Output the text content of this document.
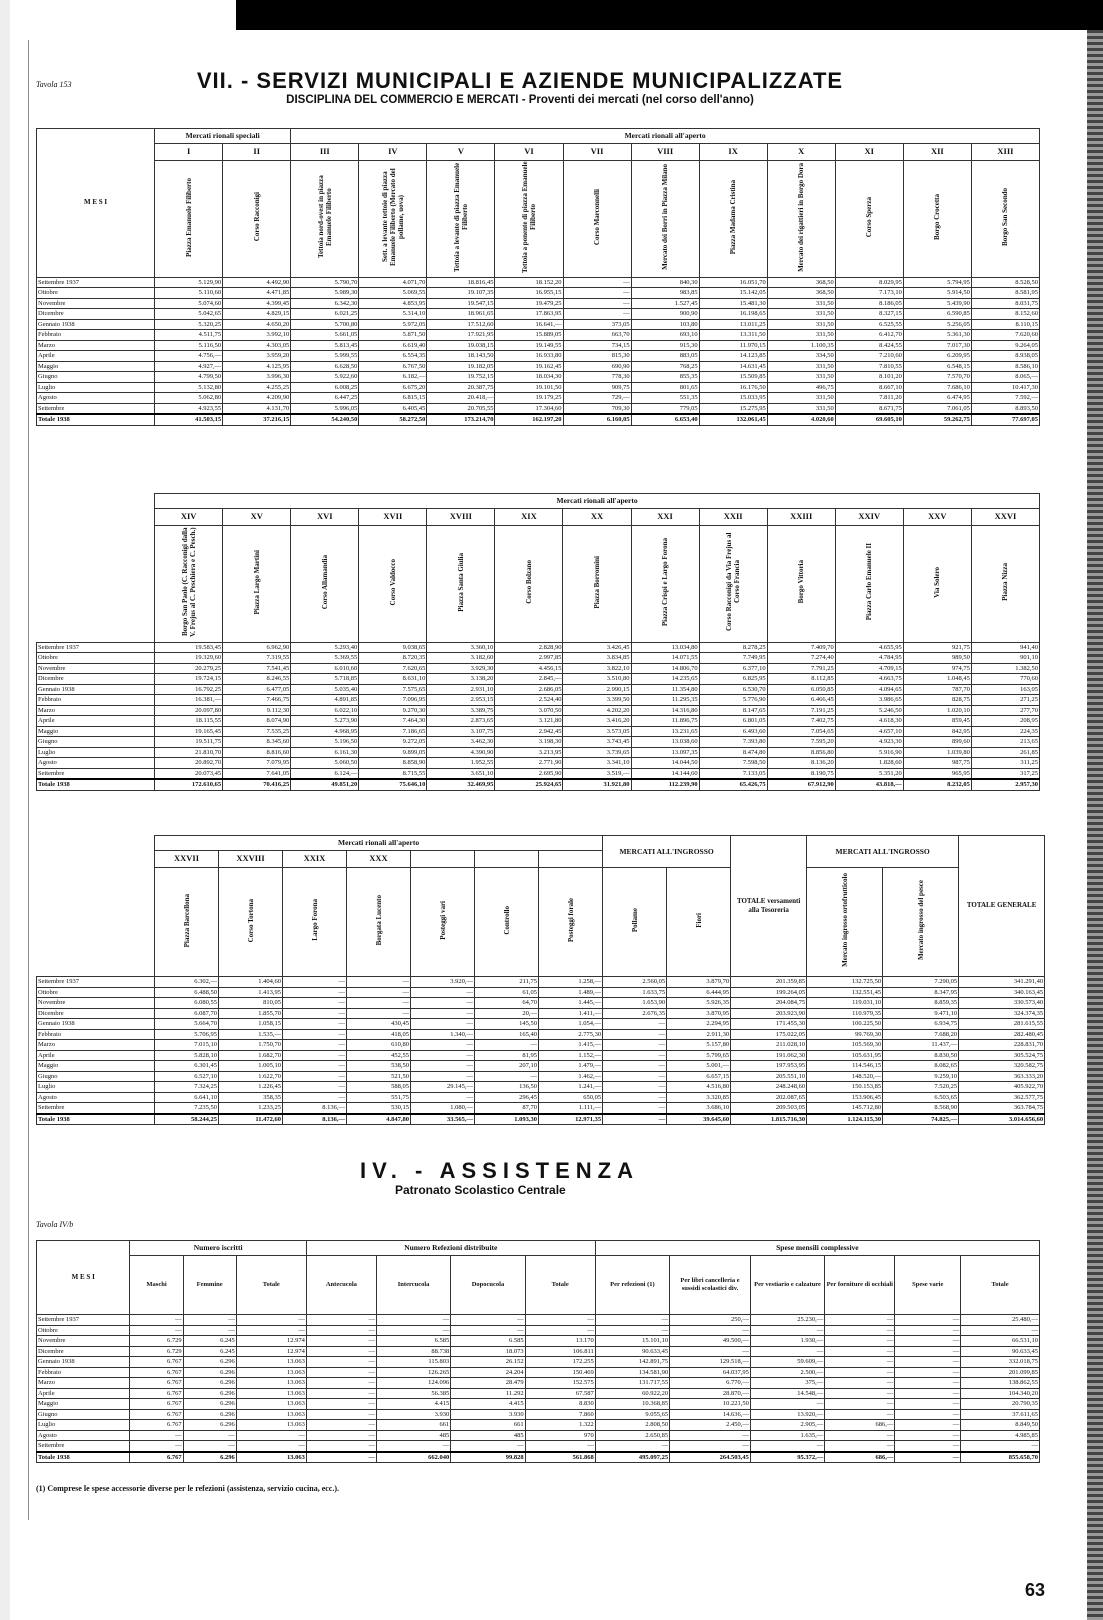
Tavola 153	VII. - SERVIZI MUNICIPALI E AZIENDE MUNICIPALIZZATE
DISCIPLINA DEL COMMERCIO E MERCATI - Proventi dei mercati (nel corso dell'anno)
M E S I	Mercati rionali speciali		Mercati rionali all'aperto										
	I	II	III	IV	V	VI	VII	VIII	IX	X	XI	XII	XIII
	Piazza Emanuele Filiberto	Corso Racconigi	Tettoia nord-ovest in piazza Emanuele Filiberto	Sett. a levante tettoie di piazza Emanuele Filiberto (Mercato del pollame, uova)	Tettoia a levante di piazza Emanuele Filiberto	Tettoia a ponente di piazza Emanuele Filiberto	Corso Marconnelli	Mercato dei Borri in Piazza Milano	Piazza Madama Cristina	Mercato dei rigattieri in Borgo Dora	Corso Sperza	Borgo Crocetta	Borgo San Secondo
Settembre 1937	5.129,90	4.492,90	5.790,70	4.071,70	18.816,45	18.152,20	—	840,30	16.051,70	368,50	8.029,95	5.794,95	8.528,50
Ottobre	5.110,60	4.471,85	5.989,30	5.069,55	19.107,35	16.955,15	—	983,85	15.142,05	368,50	7.173,10	5.914,50	8.581,95
Novembre	5.074,60	4.399,45	6.342,30	4.853,95	19.547,15	19.479,25	—	1.527,45	15.481,30	331,50	8.186,05	5.439,90	8.031,75
Dicembre	5.042,65	4.829,15	6.021,25	5.314,10	18.961,65	17.863,95	—	900,90	16.198,65	331,50	8.327,15	6.590,85	8.152,60
Gennaio 1938	5.320,25	4.650,20	5.700,80	5.972,05	17.512,60	16.641,—	373,05	103,80	13.011,25	331,50	6.525,55	5.256,05	8.110,15
Febbraio	4.511,75	3.992,10	5.661,05	5.871,50	17.921,95	15.889,05	663,70	693,10	13.311,50	331,50	6.412,70	5.361,30	7.620,60
Marzo	5.116,50	4.303,05	5.813,45	6.619,40	19.038,15	19.149,55	734,15	915,30	11.970,15	1.100,35	8.424,55	7.017,30	9.264,05
Aprile	4.756,—	3.959,20	5.999,55	6.554,35	18.143,50	16.933,80	815,30	883,05	14.123,85	334,50	7.210,60	6.209,95	8.938,05
Maggio	4.927,—	4.125,95	6.628,50	6.767,50	19.182,05	19.162,45	690,90	768,25	14.631,45	331,50	7.810,55	6.548,15	8.586,10
Giugno	4.799,50	3.996,30	5.922,60	6.182,—	19.752,15	18.034,30	778,30	855,35	15.509,85	331,50	8.101,20	7.570,70	8.065,—
Luglio	5.132,80	4.255,25	6.008,25	6.675,20	20.387,75	19.101,50	909,75	801,65	16.176,50	496,75	8.667,10	7.686,10	10.417,30
Agosto	5.062,80	4.209,90	6.447,25	6.815,15	20.418,—	19.179,25	729,—	551,35	15.033,95	331,50	7.811,20	6.474,95	7.592,—
Settembre	4.923,55	4.131,70	5.996,05	6.405,45	20.705,55	17.304,60	709,30	779,05	15.275,95	331,50	8.671,75	7.061,05	8.893,50
Totale 1938	41.503,15	37.216,15	54.240,50	58.272,50	173.214,70	162.197,20	6.160,05	6.653,40	132.061,45	4.020,60	69.605,10	59.262,75	77.697,05
	Mercati rionali all'aperto												
	XIV	XV	XVI	XVII	XVIII	XIX	XX	XXI	XXII	XXIII	XXIV	XXV	XXVI
	Borgo San Paolo (C. Racconigi dalla V. Frejus al C. Peschiera e C. Pesch.)	Piazza Largo Martini	Corso Allamandia	Corso Valdocco	Piazza Santa Giulia	Corso Bolzano	Piazza Borromini	Piazza Crispi e Largo Forona	Corso Racconigi da Via Frejus al Corso Francia	Borgo Vittoria	Piazza Carlo Emanuele II	Via Solero	Piazza Nizza
Settembre 1937	19.583,45	6.962,90	5.293,40	9.038,65	3.360,10	2.828,90	3.426,45	13.034,80	8.278,25	7.409,70	4.655,95	921,75	941,40
Ottobre	19.329,60	7.319,55	5.369,55	8.720,35	3.182,60	2.997,85	3.834,85	14.071,55	7.749,95	7.274,40	4.784,95	989,50	901,10
Novembre	20.279,25	7.541,45	6.010,60	7.620,65	3.929,30	4.456,15	3.822,10	14.806,70	6.377,10	7.791,25	4.709,15	974,75	1.382,50
Dicembre	19.724,15	8.246,55	5.718,85	8.631,10	3.138,20	2.845,—	3.510,80	14.235,65	6.825,95	8.112,85	4.663,75	1.048,45	770,60
Gennaio 1938	16.792,25	6.477,05	5.035,40	7.575,65	2.931,10	2.686,05	2.990,15	11.354,80	6.530,70	6.050,85	4.094,65	787,70	163,05
Febbraio	16.381,—	7.466,75	4.891,85	7.096,95	2.953,15	2.524,40	3.399,50	11.295,35	5.776,90	6.466,45	3.986,65	828,75	271,25
Marzo	20.097,80	9.112,30	6.022,10	9.270,30	3.389,75	3.070,50	4.202,20	14.316,80	8.147,65	7.191,25	5.246,50	1.020,10	277,70
Aprile	18.115,55	8.074,90	5.273,90	7.464,30	2.873,65	3.121,80	3.416,20	11.896,75	6.801,05	7.402,75	4.618,30	859,45	208,95
Maggio	19.165,45	7.535,25	4.968,95	7.186,65	3.107,75	2.942,45	3.573,05	13.231,65	6.493,60	7.054,65	4.657,10	842,95	224,35
Giugno	19.511,75	8.345,60	5.196,50	9.272,05	3.462,30	3.198,30	3.743,45	13.038,60	7.393,80	7.595,20	4.923,30	899,60	213,65
Luglio	21.810,70	8.816,60	6.161,30	9.899,05	4.390,90	3.213,95	3.739,65	13.097,35	8.474,80	8.856,80	5.916,90	1.039,80	261,85
Agosto	20.892,70	7.079,95	5.060,50	8.858,90	1.952,55	2.771,90	3.341,10	14.044,50	7.598,50	8.136,20	1.828,60	987,75	311,25
Settembre	20.073,45	7.641,05	6.124,—	8.715,55	3.651,10	2.695,90	3.519,—	14.144,60	7.133,05	8.190,75	5.351,20	965,95	317,25
Totale 1938	172.610,65	70.416,25	49.851,20	75.646,10	32.469,95	25.924,65	31.921,80	112.239,90	65.426,75	67.912,90	43.818,—	8.232,05	2.957,30
	Mercati rionali all'aperto							MERCATI ALL'INGROSSO		TOTALE versamenti alla Tesoreria	MERCATI ALL'INGROSSO		TOTALE GENERALE
	XXVII	XXVIII	XXIX	XXX									
	Piazza Barcellona	Corso Tortona	Largo Forona	Borgata Lucento	Posteggi vari	Controllo	Posteggi forale	Pollame	Fiori		Mercato ingrosso ortofrutticolo	Mercato ingrosso del pesce	
Settembre 1937	6.302,—	1.404,60	—	—	3.920,—	211,75	1.258,—	2.560,05	3.879,70	201.359,85	132.725,50	7.290,05	341.291,40
Ottobre	6.488,50	1.413,95	—	—	—	61,05	1.489,—	1.633,75	6.444,95	199.264,05	132.551,45	8.347,95	340.163,45
Novembre	6.080,55	810,05	—	—	—	64,70	1.445,—	1.653,90	5.926,35	204.084,75	119.031,10	8.859,35	330.573,40
Dicembre	6.087,70	1.855,70	—	—	—	20,—	1.411,—	2.676,35	3.870,95	203.923,90	110.979,35	9.471,10	324.374,35
Gennaio 1938	5.664,70	1.058,15	—	430,45	—	145,50	1.054,—	—	2.294,95	171.455,30	100.225,50	6.934,75	281.615,55
Febbraio	5.706,95	1.535,—	—	418,05	1.340,—	165,40	2.775,30	—	2.911,30	175.022,05	99.769,30	7.688,20	282.480,45
Marzo	7.015,10	1.750,70	—	610,80	—	—	1.415,—	—	5.157,80	211.028,10	105.569,30	11.437,—	228.831,70
Aprile	5.828,10	1.682,70	—	452,55	—	81,95	1.152,—	—	5.799,65	191.062,30	105.631,95	8.830,50	305.524,75
Maggio	6.301,45	1.005,10	—	538,50	—	207,10	1.479,—	—	5.001,—	197.953,95	114.546,15	8.082,65	320.582,75
Giugno	6.527,10	1.622,70	—	521,50	—	—	1.462,—	—	6.657,15	205.551,10	148.520,—	9.259,10	363.333,20
Luglio	7.324,25	1.226,45	—	588,05	29.145,—	136,50	1.241,—	—	4.516,80	248.248,60	150.153,85	7.520,25	405.922,70
Agosto	6.641,10	358,35	—	551,75	—	296,45	650,05	—	3.320,85	202.087,65	153.906,45	6.503,65	362.577,75
Settembre	7.235,50	1.233,25	8.136,—	530,15	1.080,—	87,70	1.111,—	—	3.686,10	209.503,05	145.712,80	8.568,90	363.784,75
Totale 1938	58.244,25	11.472,60	8.136,—	4.847,80	33.565,—	1.093,30	12.971,35	—	39.645,60	1.815.716,30	1.124.115,30	74.825,—	3.014.656,60
IV. - ASSISTENZA
Patronato Scolastico Centrale
Tavola IV/b
M E S I	Numero iscritti			Numero Refezioni distribuite				Spese mensili complessive					
	Maschi	Femmine	Totale	Antecucola	Intercucola	Dopocucola	Totale	Per refezioni (1)	Per libri cancelleria e sussidi scolastici div.	Per vestiario e calzature	Per forniture di occhiali	Spese varie	Totale
Settembre 1937	—	—	—	—	—	—	—	—	250,—	25.230,—	—	—	25.480,—
Ottobre	—	—	—	—	—	—	—	—	—	—	—	—	—
Novembre	6.729	6.245	12.974	—	6.585	6.585	13.170	15.101,10	49.500,—	1.930,—	—	—	66.531,10
Dicembre	6.729	6.245	12.974	—	88.738	18.073	106.811	90.633,45	—	—	—	—	90.633,45
Gennaio 1938	6.767	6.296	13.063	—	115.803	26.152	172.255	142.891,75	129.518,—	59.609,—	—	—	332.018,75
Febbraio	6.767	6.296	13.063	—	126.265	24.204	150.469	134.581,90	64.037,95	2.500,—	—	—	201.099,85
Marzo	6.767	6.296	13.063	—	124.096	28.479	152.575	131.717,55	6.770,—	375,—	—	—	138.862,55
Aprile	6.767	6.296	13.063	—	56.385	11.292	67.587	60.922,20	28.870,—	14.548,—	—	—	104.340,20
Maggio	6.767	6.296	13.063	—	4.415	4.415	8.830	10.368,85	10.221,50	—	—	—	20.790,35
Giugno	6.767	6.296	13.063	—	3.930	3.930	7.860	9.055,65	14.636,—	13.920,—	—	—	37.611,65
Luglio	6.767	6.296	13.063	—	661	661	1.322	2.808,50	2.450,—	2.905,—	686,—	—	8.849,50
Agosto	—	—	—	—	485	485	970	2.650,85	—	1.635,—	—	—	4.985,85
Settembre	—	—	—	—	—	—	—	—	—	—	—	—	—
Totale 1938	6.767	6.296	13.063	—	662.040	99.828	561.868	495.097,25	264.503,45	95.372,—	686,—	—	855.658,70
(1) Comprese le spese accessorie diverse per le refezioni (assistenza, servizio cucina, ecc.).
63
